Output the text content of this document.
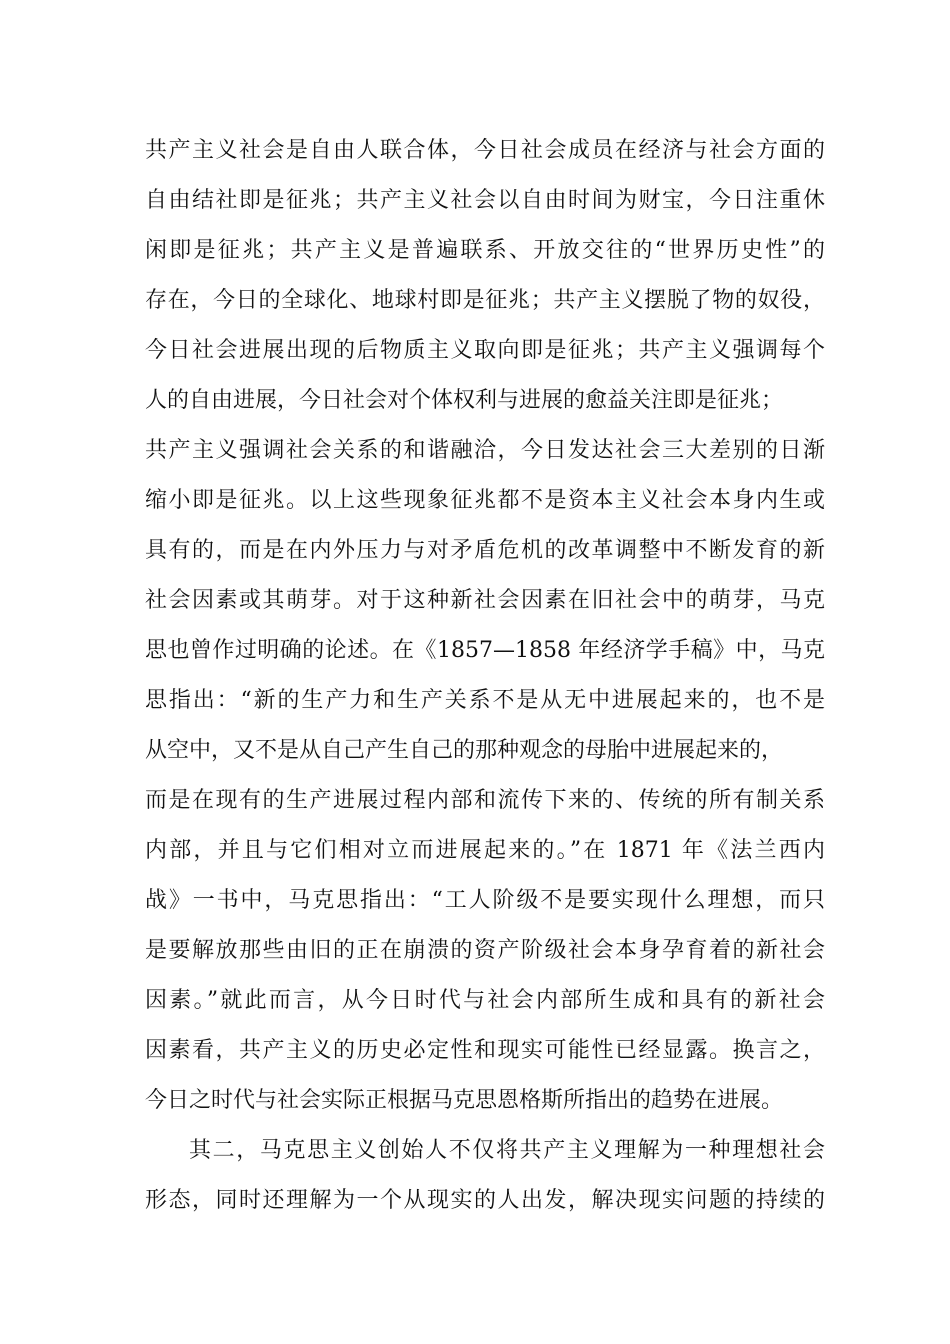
共产主义社会是自由人联合体，今日社会成员在经济与社会方面的
自由结社即是征兆；共产主义社会以自由时间为财宝，今日注重休
闲即是征兆；共产主义是普遍联系、开放交往的“世界历史性”的
存在，今日的全球化、地球村即是征兆；共产主义摆脱了物的奴役，
今日社会进展出现的后物质主义取向即是征兆；共产主义强调每个
人的自由进展，今日社会对个体权利与进展的愈益关注即是征兆；
共产主义强调社会关系的和谐融洽，今日发达社会三大差别的日渐
缩小即是征兆。以上这些现象征兆都不是资本主义社会本身内生或
具有的，而是在内外压力与对矛盾危机的改革调整中不断发育的新
社会因素或其萌芽。对于这种新社会因素在旧社会中的萌芽，马克
思也曾作过明确的论述。在《1857—1858 年经济学手稿》中，马克
思指出：“新的生产力和生产关系不是从无中进展起来的，也不是
从空中，又不是从自己产生自己的那种观念的母胎中进展起来的，
而是在现有的生产进展过程内部和流传下来的、传统的所有制关系
内部，并且与它们相对立而进展起来的。”在 1871 年《法兰西内
战》一书中，马克思指出：“工人阶级不是要实现什么理想，而只
是要解放那些由旧的正在崩溃的资产阶级社会本身孕育着的新社会
因素。”就此而言，从今日时代与社会内部所生成和具有的新社会
因素看，共产主义的历史必定性和现实可能性已经显露。换言之，
今日之时代与社会实际正根据马克思恩格斯所指出的趋势在进展。
其二，马克思主义创始人不仅将共产主义理解为一种理想社会
形态，同时还理解为一个从现实的人出发，解决现实问题的持续的
